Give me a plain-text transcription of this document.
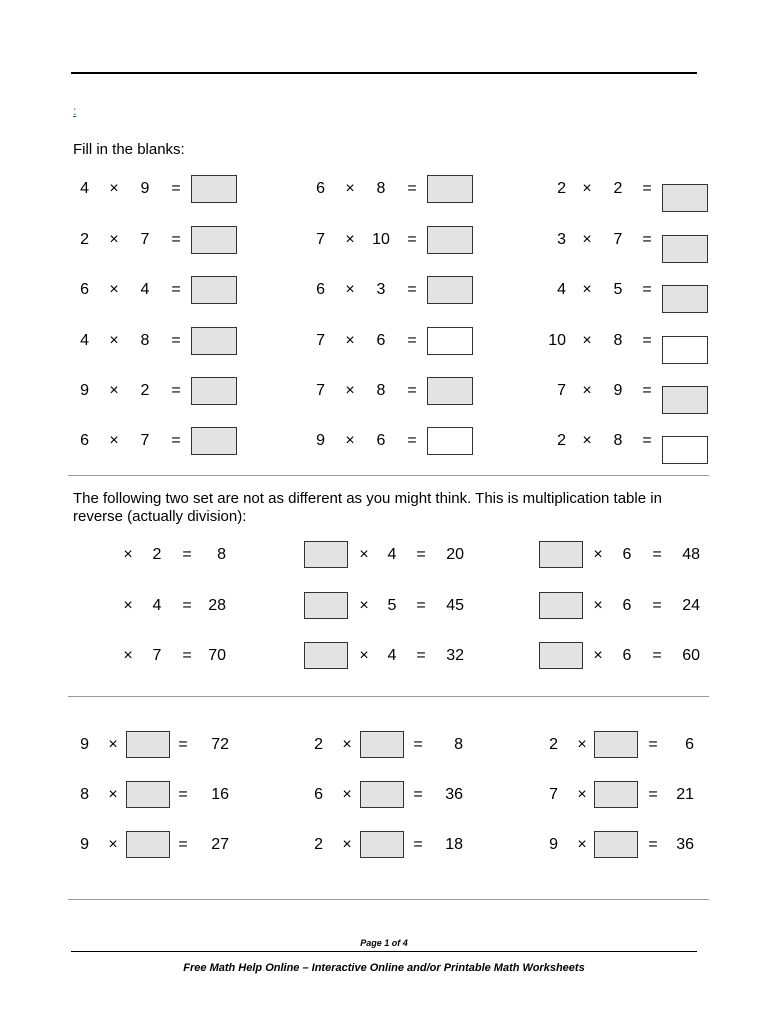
:
Fill in the blanks:
4	×	9	=	6	×	8	=	2	×	2	=
2	×	7	=	7	×	10	=	3	×	7	=
6	×	4	=	6	×	3	=	4	×	5	=
4	×	8	=	7	×	6	=	10	×	8	=
9	×	2	=	7	×	8	=	7	×	9	=
6	×	7	=	9	×	6	=	2	×	8	=
The following two set are not as different as you might think. This is multiplication table in
reverse (actually division):
×	2	=	8	×	4	=	20	×	6	=	48
×	4	=	28	×	5	=	45	×	6	=	24
×	7	=	70	×	4	=	32	×	6	=	60
9	×	=	72	2	×	=	8	2	×	=	6
8	×	=	16	6	×	=	36	7	×	=	21
9	×	=	27	2	×	=	18	9	×	=	36
Page 1 of 4
Free Math Help Online – Interactive Online and/or Printable Math Worksheets
